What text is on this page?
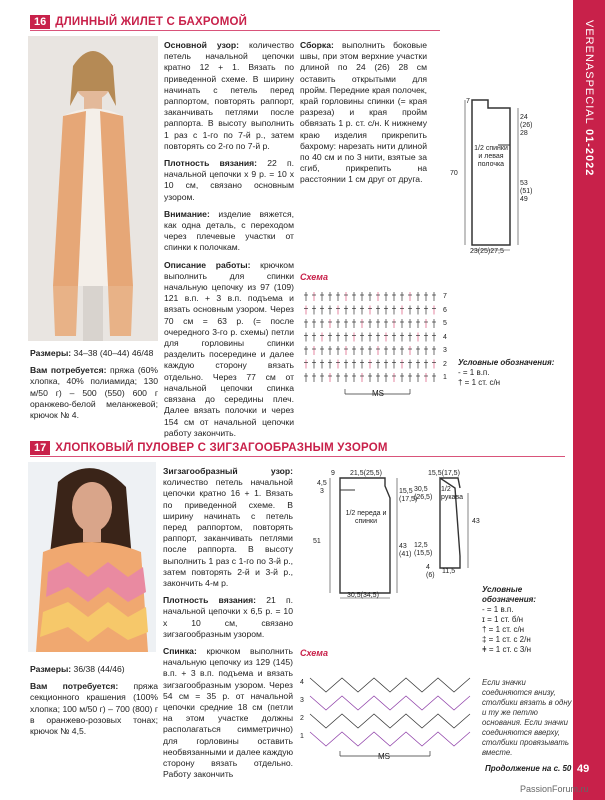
VERENASPECIAL

01-2022
49
PassionForum.ru
16 ДЛИННЫЙ ЖИЛЕТ С БАХРОМОЙ

Размеры: 34–38 (40–44) 46/48

Вам потребуется: пряжа (60% хлопка, 40% полиамида; 130 м/50 г) – 500 (550) 600 г оранжево-белой меланжевой; крючок № 4.

Основной узор: количество петель начальной цепочки кратно 12 + 1. Вязать по приведенной схеме. В ширину начинать с петель перед раппортом, повторять раппорт, заканчивать петлями после раппорта. В высоту выполнить 1 раз с 1-го по 7-й р., затем повторять со 2-го по 7-й р.

Плотность вязания: 22 п. начальной цепочки х 9 р. = 10 х 10 см, связано основным узором.

Внимание: изделие вяжется, как одна деталь, с переходом через плечевые участки от спинки к полочкам.

Описание работы: крючком выполнить для спинки начальную цепочку из 97 (109) 121 в.п. + 3 в.п. подъема и вязать основным узором. Через 70 см = 63 р. (= после очередного 3-го р. схемы) петли для горловины спинки разделить посередине и далее каждую сторону вязать отдельно. Через 77 см от начальной цепочки спинка связана до середины плеч. Далее вязать полочки и через 154 см от начальной цепочки работу закончить.

Сборка: выполнить боковые швы, при этом верхние участки длиной по 24 (26) 28 см оставить открытыми для пройм. Передние края полочек, край горловины спинки (= края разреза) и края пройм обвязать 1 р. ст. с/н. К нижнему краю изделия прикрепить бахрому: нарезать нити длиной по 40 см и по 3 нити, взятые за сгиб, прикрепить на расстоянии 1 см друг от друга.

7
24 (26) 28
70
53 (51) 49
23(25)27,5
1/2 спинки и левая полочка
Схема
MS
7
6
5
4
3
2
1
Условные обозначения:
- = 1 в.п.
† = 1 ст. с/н
17 ХЛОПКОВЫЙ ПУЛОВЕР С ЗИГЗАГООБРАЗНЫМ УЗОРОМ

Размеры: 36/38 (44/46)

Вам потребуется: пряжа секционного крашения (100% хлопка; 100 м/50 г) – 700 (800) г в оранжево-розовых тонах; крючок № 4,5.

Зигзагообразный узор: количество петель начальной цепочки кратно 16 + 1. Вязать по приведенной схеме. В ширину начинать с петель перед раппортом, повторять раппорт, заканчивать петлями после раппорта. В высоту выполнить 1 раз с 1-го по 3-й р., затем повторять 2-й и 3-й р., закончить 4-м р.

Плотность вязания: 21 п. начальной цепочки х 6,5 р. = 10 х 10 см, связано зигзагообразным узором.

Спинка: крючком выполнить начальную цепочку из 129 (145) в.п. + 3 в.п. подъема и вязать зигзагообразным узором. Через 54 см = 35 р. от начальной цепочки средние 18 см (петли на этом участке должны располагаться симметрично) для горловины оставить необвязанными и далее каждую сторону вязать отдельно. Работу закончить

9
4,5
3
21,5(25,5)
15,5 (17,5)
51
43 (41)
30,5(34,5)
1/2 переда и спинки
15,5(17,5)
30,5 (26,5)
43
12,5 (15,5)
4 (6)
11,5
1/2 рукава
Условные обозначения:
- = 1 в.п.
ɪ = 1 ст. б/н
† = 1 ст. с/н
‡ = 1 ст. с 2/н
ǂ = 1 ст. с 3/н
Схема
MS
4
3
2
1
Если значки соединяются внизу, столбики вязать в одну и ту же петлю основания. Если значки соединяются вверху, столбики провязывать вместе.
Продолжение на с. 50
